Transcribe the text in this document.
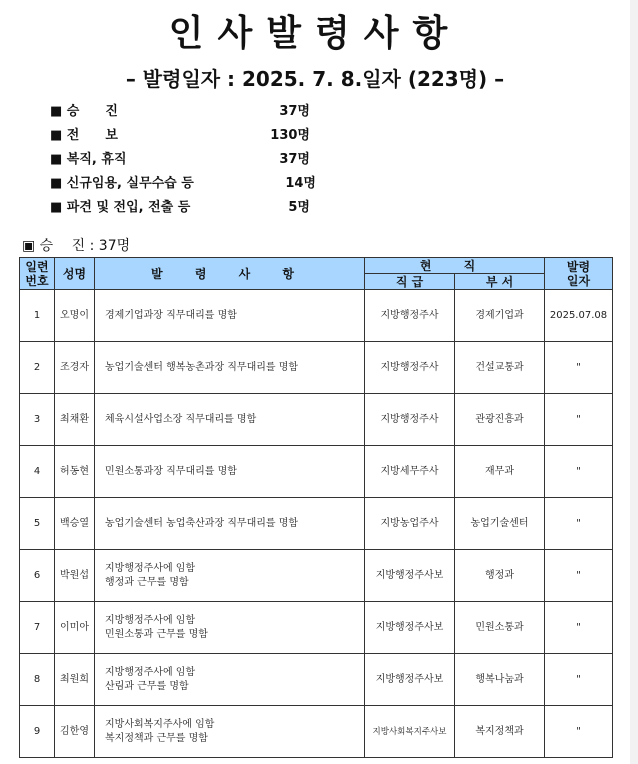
인사발령사항
– 발령일자 : 2025. 7. 8.일자 (223명) –
■ 승　　진	37명
■ 전　　보	130명
■ 복직, 휴직	37명
■ 신규임용, 실무수습 등	14명
■ 파견 및 전입, 전출 등	5명
▣ 승　 진 : 37명
일련
번호	성명	발 령 사 항	현 직		발령
일자
			직 급	부 서	
1	오명이	경제기업과장 직무대리를 명함	지방행정주사	경제기업과	2025.07.08
2	조경자	농업기술센터 행복농촌과장 직무대리를 명함	지방행정주사	건설교통과	"
3	최채환	체육시설사업소장 직무대리를 명함	지방행정주사	관광진흥과	"
4	허동현	민원소통과장 직무대리를 명함	지방세무주사	재무과	"
5	백승열	농업기술센터 농업축산과장 직무대리를 명함	지방농업주사	농업기술센터	"
6	박원섭	지방행정주사에 임함
행정과 근무를 명함	지방행정주사보	행정과	"
7	이미아	지방행정주사에 임함
민원소통과 근무를 명함	지방행정주사보	민원소통과	"
8	최원희	지방행정주사에 임함
산림과 근무를 명함	지방행정주사보	행복나눔과	"
9	김한영	지방사회복지주사에 임함
복지정책과 근무를 명함	지방사회복지주사보	복지정책과	"
